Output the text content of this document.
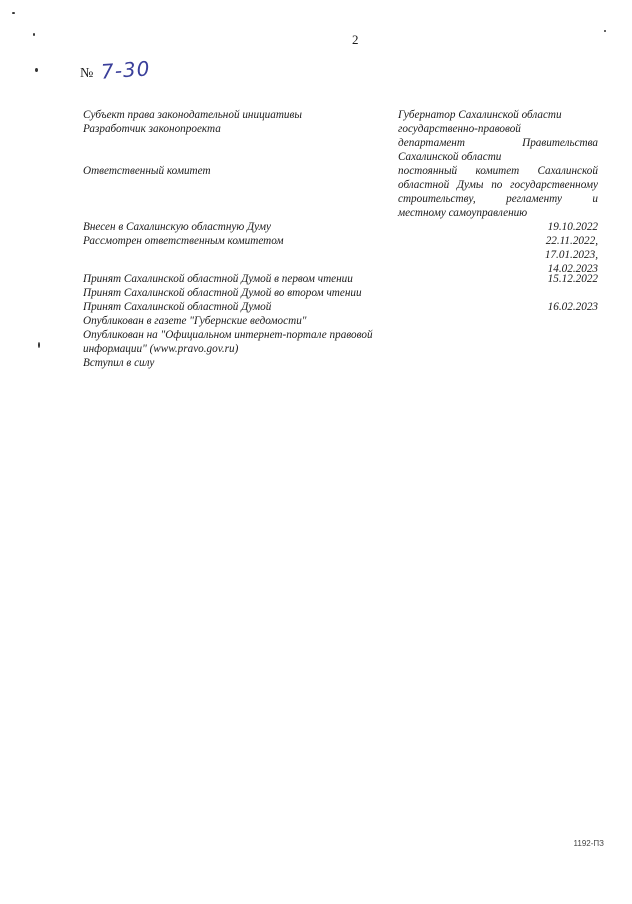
2
№ 7-30
Субъект права законодательной инициативы
Разработчик законопроекта
Ответственный комитет
Внесен в Сахалинскую областную Думу
Рассмотрен ответственным комитетом
Принят Сахалинской областной Думой в первом чтении
Принят Сахалинской областной Думой во втором чтении
Принят Сахалинской областной Думой
Опубликован в газете "Губернские ведомости"
Опубликован на "Официальном интернет-портале правовой
информации" (www.pravo.gov.ru)
Вступил в силу
Губернатор Сахалинской области
государственно-правовой
департамент Правительства
Сахалинской области
постоянный комитет Сахалинской
областной Думы по государственному
строительству, регламенту и
местному самоуправлению
19.10.2022
22.11.2022,
17.01.2023,
14.02.2023
15.12.2022
16.02.2023
1192-ПЗ
